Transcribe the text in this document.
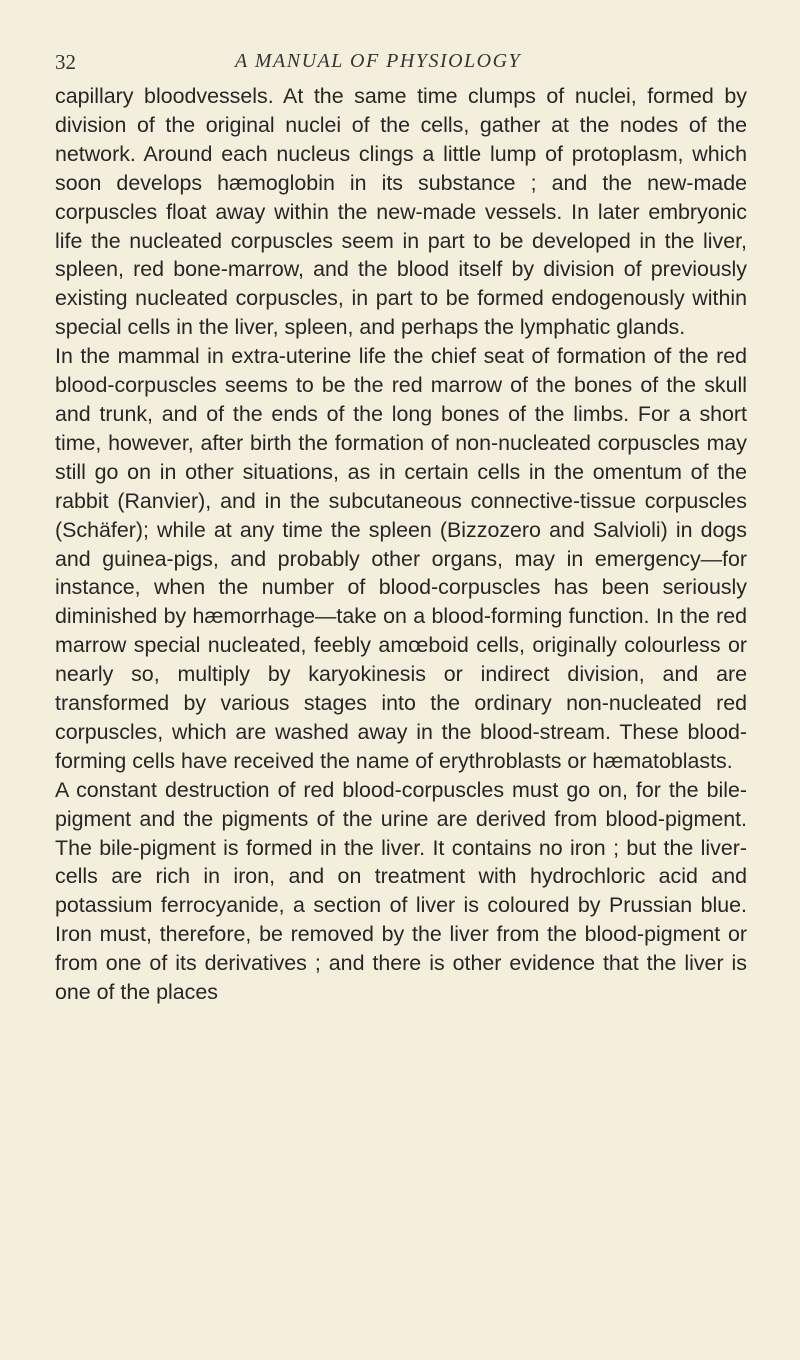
32	A MANUAL OF PHYSIOLOGY

capillary bloodvessels. At the same time clumps of nuclei, formed by division of the original nuclei of the cells, gather at the nodes of the network. Around each nucleus clings a little lump of protoplasm, which soon develops hæmoglobin in its substance ; and the new-made corpuscles float away within the new-made vessels. In later embryonic life the nucleated corpuscles seem in part to be developed in the liver, spleen, red bone-marrow, and the blood itself by division of previously existing nucleated corpuscles, in part to be formed endogenously within special cells in the liver, spleen, and perhaps the lymphatic glands.

In the mammal in extra-uterine life the chief seat of formation of the red blood-corpuscles seems to be the red marrow of the bones of the skull and trunk, and of the ends of the long bones of the limbs. For a short time, however, after birth the formation of non-nucleated corpuscles may still go on in other situations, as in certain cells in the omentum of the rabbit (Ranvier), and in the subcutaneous connective-tissue corpuscles (Schäfer); while at any time the spleen (Bizzozero and Salvioli) in dogs and guinea-pigs, and probably other organs, may in emergency—for instance, when the number of blood-corpuscles has been seriously diminished by hæmorrhage—take on a blood-forming function. In the red marrow special nucleated, feebly amœboid cells, originally colourless or nearly so, multiply by karyokinesis or indirect division, and are transformed by various stages into the ordinary non-nucleated red corpuscles, which are washed away in the blood-stream. These blood-forming cells have received the name of erythroblasts or hæmatoblasts.

A constant destruction of red blood-corpuscles must go on, for the bile-pigment and the pigments of the urine are derived from blood-pigment. The bile-pigment is formed in the liver. It contains no iron ; but the liver-cells are rich in iron, and on treatment with hydrochloric acid and potassium ferrocyanide, a section of liver is coloured by Prussian blue. Iron must, therefore, be removed by the liver from the blood-pigment or from one of its derivatives ; and there is other evidence that the liver is one of the places
